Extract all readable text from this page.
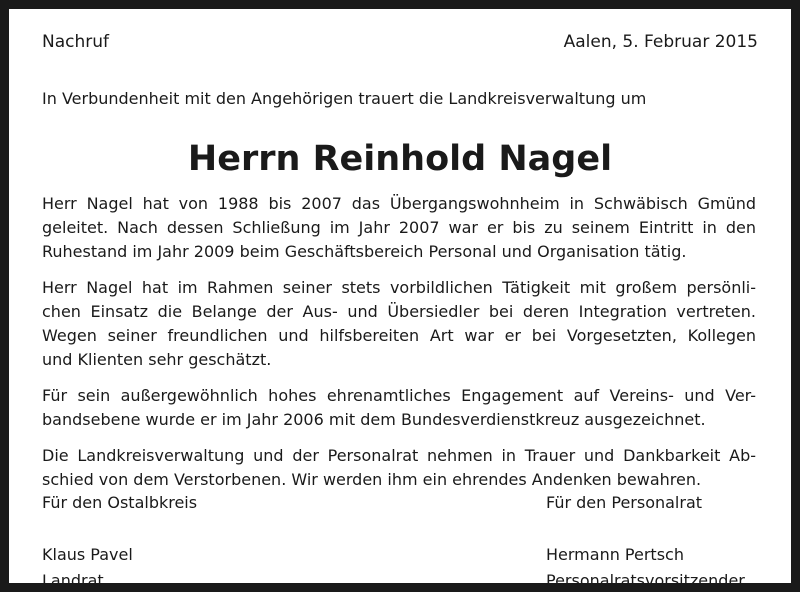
Nachruf	Aalen, 5. Februar 2015
In Verbundenheit mit den Angehörigen trauert die Landkreisverwaltung um
Herrn Reinhold Nagel
Herr Nagel hat von 1988 bis 2007 das Übergangswohnheim in Schwäbisch Gmünd
geleitet. Nach dessen Schließung im Jahr 2007 war er bis zu seinem Eintritt in den
Ruhestand im Jahr 2009 beim Geschäftsbereich Personal und Organisation tätig.
Herr Nagel hat im Rahmen seiner stets vorbildlichen Tätigkeit mit großem persönli-
chen Einsatz die Belange der Aus- und Übersiedler bei deren Integration vertreten.
Wegen seiner freundlichen und hilfsbereiten Art war er bei Vorgesetzten, Kollegen
und Klienten sehr geschätzt.
Für sein außergewöhnlich hohes ehrenamtliches Engagement auf Vereins- und Ver-
bandsebene wurde er im Jahr 2006 mit dem Bundesverdienstkreuz ausgezeichnet.
Die Landkreisverwaltung und der Personalrat nehmen in Trauer und Dankbarkeit Ab-
schied von dem Verstorbenen. Wir werden ihm ein ehrendes Andenken bewahren.
Für den Ostalbkreis
Klaus Pavel
Landrat
Für den Personalrat
Hermann Pertsch
Personalratsvorsitzender
